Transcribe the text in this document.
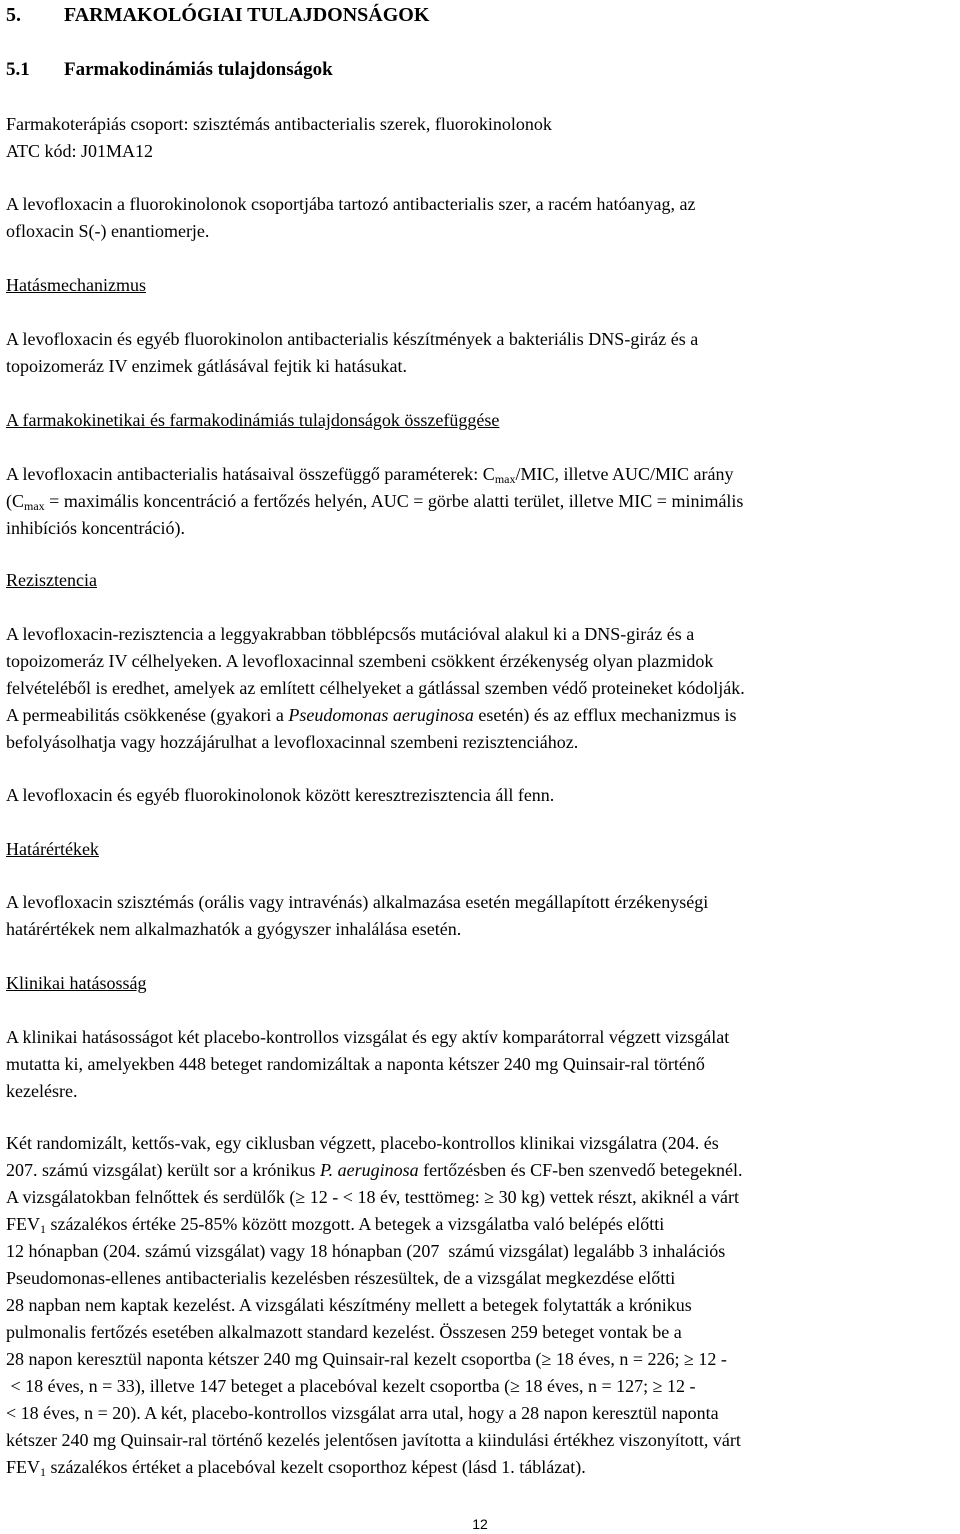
5. FARMAKOLÓGIAI TULAJDONSÁGOK
5.1 Farmakodinámiás tulajdonságok

Farmakoterápiás csoport: szisztémás antibacterialis szerek, fluorokinolonok
ATC kód: J01MA12

A levofloxacin a fluorokinolonok csoportjába tartozó antibacterialis szer, a racém hatóanyag, az
ofloxacin S(-) enantiomerje.

Hatásmechanizmus

A levofloxacin és egyéb fluorokinolon antibacterialis készítmények a bakteriális DNS-giráz és a
topoizomeráz IV enzimek gátlásával fejtik ki hatásukat.

A farmakokinetikai és farmakodinámiás tulajdonságok összefüggése

A levofloxacin antibacterialis hatásaival összefüggő paraméterek: $C_{max}$/MIC, illetve AUC/MIC arány
($C_{max}$ = maximális koncentráció a fertőzés helyén, AUC = görbe alatti terület, illetve MIC = minimális
inhibíciós koncentráció).

Rezisztencia

A levofloxacin-rezisztencia a leggyakrabban többlépcsős mutációval alakul ki a DNS-giráz és a
topoizomeráz IV célhelyeken. A levofloxacinnal szembeni csökkent érzékenység olyan plazmidok
felvételéből is eredhet, amelyek az említett célhelyeket a gátlással szemben védő proteineket kódolják.
A permeabilitás csökkenése (gyakori a Pseudomonas aeruginosa esetén) és az efflux mechanizmus is
befolyásolhatja vagy hozzájárulhat a levofloxacinnal szembeni rezisztenciához.

A levofloxacin és egyéb fluorokinolonok között keresztrezisztencia áll fenn.

Határértékek

A levofloxacin szisztémás (orális vagy intravénás) alkalmazása esetén megállapított érzékenységi
határértékek nem alkalmazhatók a gyógyszer inhalálása esetén.

Klinikai hatásosság

A klinikai hatásosságot két placebo-kontrollos vizsgálat és egy aktív komparátorral végzett vizsgálat
mutatta ki, amelyekben 448 beteget randomizáltak a naponta kétszer 240 mg Quinsair-ral történő
kezelésre.

Két randomizált, kettős-vak, egy ciklusban végzett, placebo-kontrollos klinikai vizsgálatra (204. és
207. számú vizsgálat) került sor a krónikus P. aeruginosa fertőzésben és CF-ben szenvedő betegeknél.
A vizsgálatokban felnőttek és serdülők (≥ 12 - < 18 év, testtömeg: ≥ 30 kg) vettek részt, akiknél a várt
$FEV_1$ százalékos értéke 25-85% között mozgott. A betegek a vizsgálatba való belépés előtti
12 hónapban (204. számú vizsgálat) vagy 18 hónapban (207  számú vizsgálat) legalább 3 inhalációs
Pseudomonas-ellenes antibacterialis kezelésben részesültek, de a vizsgálat megkezdése előtti
28 napban nem kaptak kezelést. A vizsgálati készítmény mellett a betegek folytatták a krónikus
pulmonalis fertőzés esetében alkalmazott standard kezelést. Összesen 259 beteget vontak be a
28 napon keresztül naponta kétszer 240 mg Quinsair-ral kezelt csoportba (≥ 18 éves, n = 226; ≥ 12 -
< 18 éves, n = 33), illetve 147 beteget a placebóval kezelt csoportba (≥ 18 éves, n = 127; ≥ 12 -
< 18 éves, n = 20). A két, placebo-kontrollos vizsgálat arra utal, hogy a 28 napon keresztül naponta
kétszer 240 mg Quinsair-ral történő kezelés jelentősen javította a kiindulási értékhez viszonyított, várt
$FEV_1$ százalékos értéket a placebóval kezelt csoporthoz képest (lásd 1. táblázat).

12
